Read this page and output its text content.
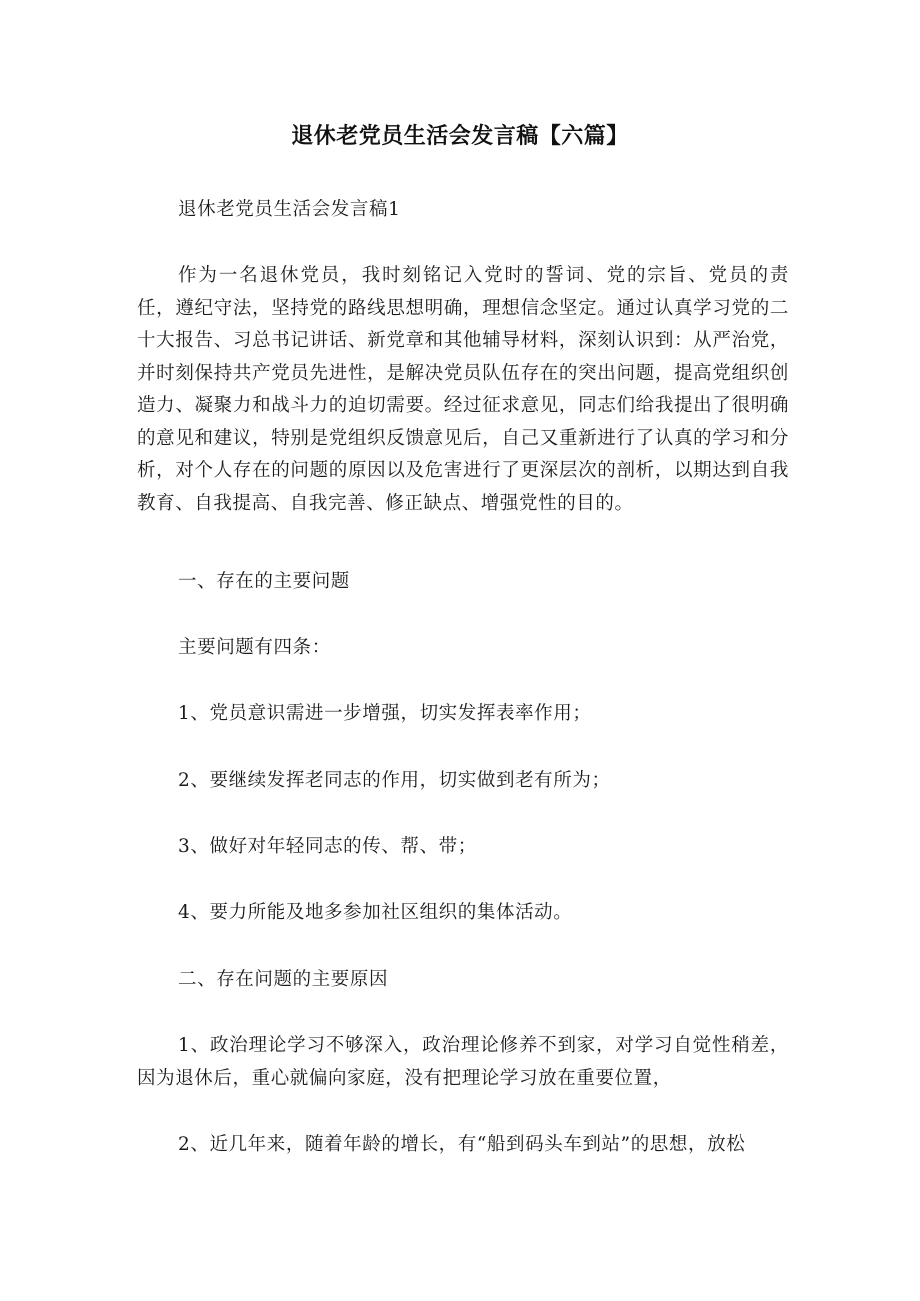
退休老党员生活会发言稿【六篇】

退休老党员生活会发言稿1

作为一名退休党员，我时刻铭记入党时的誓词、党的宗旨、党员的责任，遵纪守法，坚持党的路线思想明确，理想信念坚定。通过认真学习党的二十大报告、习总书记讲话、新党章和其他辅导材料，深刻认识到：从严治党，并时刻保持共产党员先进性，是解决党员队伍存在的突出问题，提高党组织创造力、凝聚力和战斗力的迫切需要。经过征求意见，同志们给我提出了很明确的意见和建议，特别是党组织反馈意见后，自己又重新进行了认真的学习和分析，对个人存在的问题的原因以及危害进行了更深层次的剖析，以期达到自我教育、自我提高、自我完善、修正缺点、增强党性的目的。

一、存在的主要问题

主要问题有四条：

1、党员意识需进一步增强，切实发挥表率作用；

2、要继续发挥老同志的作用，切实做到老有所为；

3、做好对年轻同志的传、帮、带；

4、要力所能及地多参加社区组织的集体活动。

二、存在问题的主要原因

1、政治理论学习不够深入，政治理论修养不到家，对学习自觉性稍差，因为退休后，重心就偏向家庭，没有把理论学习放在重要位置，

2、近几年来，随着年龄的增长，有“船到码头车到站”的思想，放松
